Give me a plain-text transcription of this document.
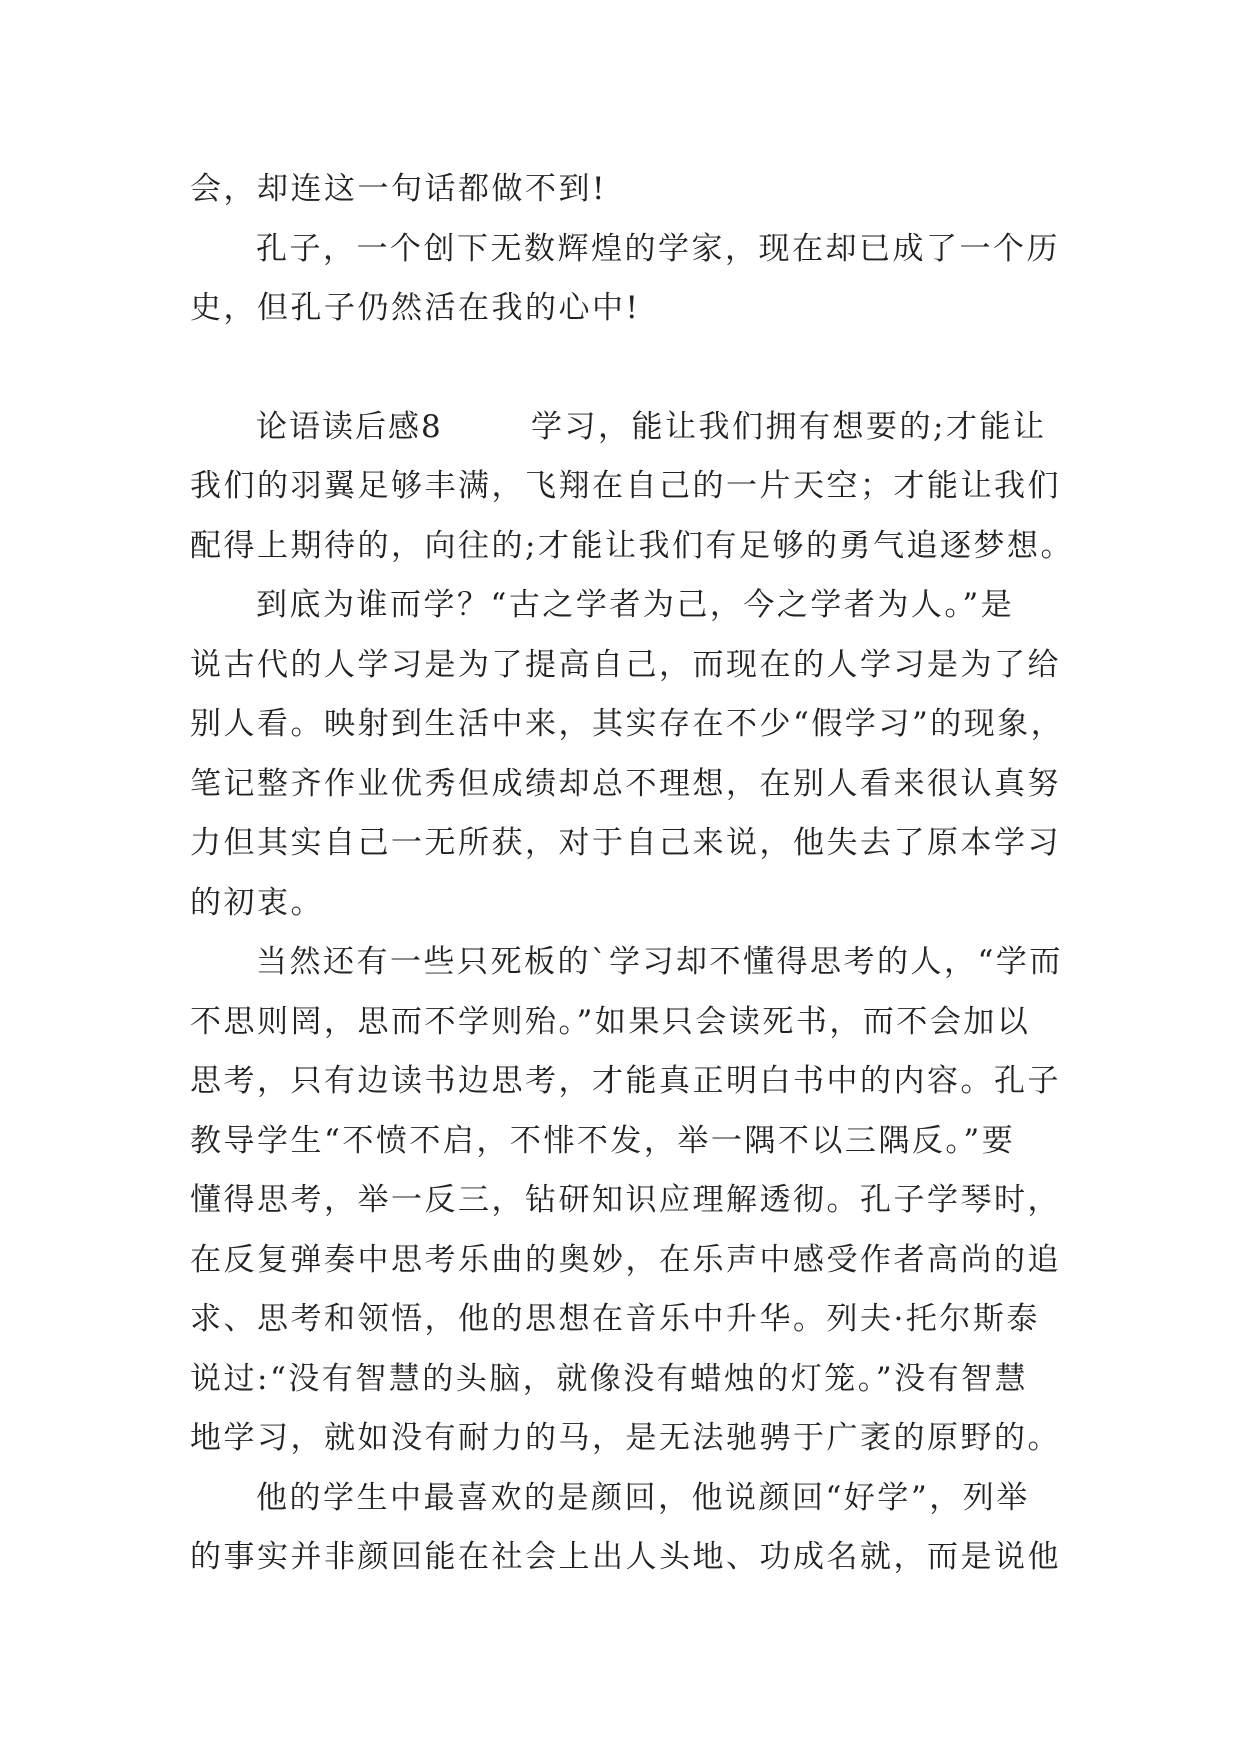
会，却连这一句话都做不到!
孔子，一个创下无数辉煌的学家，现在却已成了一个历
史，但孔子仍然活在我的心中!
论语读后感8	学习，能让我们拥有想要的;才能让
我们的羽翼足够丰满，飞翔在自己的一片天空；才能让我们
配得上期待的，向往的;才能让我们有足够的勇气追逐梦想。
到底为谁而学？“古之学者为己，今之学者为人。”是
说古代的人学习是为了提高自己，而现在的人学习是为了给
别人看。映射到生活中来，其实存在不少“假学习”的现象，
笔记整齐作业优秀但成绩却总不理想，在别人看来很认真努
力但其实自己一无所获，对于自己来说，他失去了原本学习
的初衷。
当然还有一些只死板的`学习却不懂得思考的人，“学而
不思则罔，思而不学则殆。”如果只会读死书，而不会加以
思考，只有边读书边思考，才能真正明白书中的内容。孔子
教导学生“不愤不启，不悱不发，举一隅不以三隅反。”要
懂得思考，举一反三，钻研知识应理解透彻。孔子学琴时，
在反复弹奏中思考乐曲的奥妙，在乐声中感受作者高尚的追
求、思考和领悟，他的思想在音乐中升华。列夫·托尔斯泰
说过:“没有智慧的头脑，就像没有蜡烛的灯笼。”没有智慧
地学习，就如没有耐力的马，是无法驰骋于广袤的原野的。
他的学生中最喜欢的是颜回，他说颜回“好学”，列举
的事实并非颜回能在社会上出人头地、功成名就，而是说他
